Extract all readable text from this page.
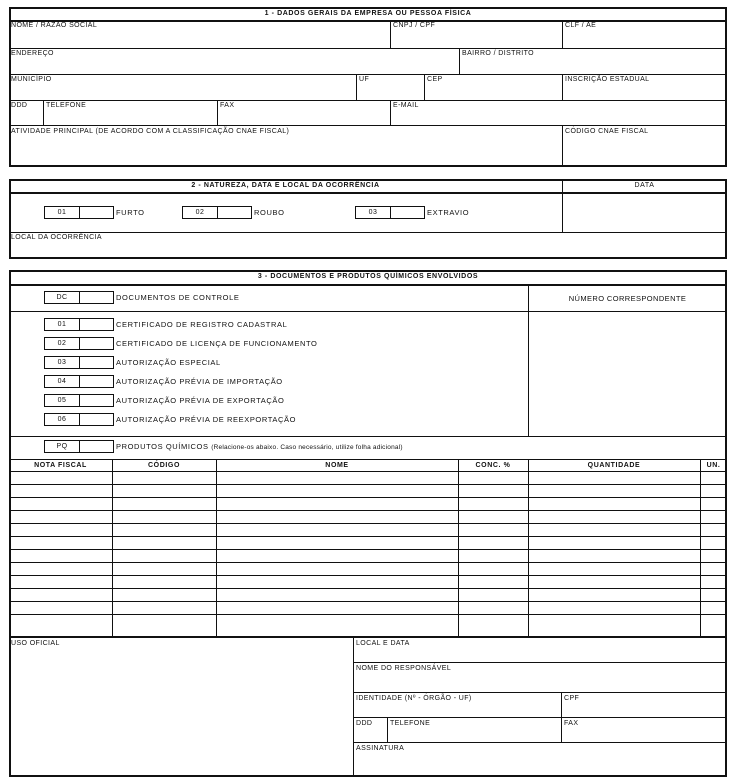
1 - DADOS GERAIS DA EMPRESA OU PESSOA FÍSICA
NOME / RAZÃO SOCIAL	CNPJ / CPF	CLF / AE
ENDEREÇO	BAIRRO / DISTRITO
MUNICÍPIO	UF	CEP	INSCRIÇÃO ESTADUAL
DDD	TELEFONE	FAX	E-MAIL
ATIVIDADE PRINCIPAL (DE ACORDO COM A CLASSIFICAÇÃO CNAE FISCAL)	CÓDIGO CNAE FISCAL
2 - NATUREZA, DATA E LOCAL DA OCORRÊNCIA	DATA
01	FURTO	02	ROUBO	03	EXTRAVIO
LOCAL DA OCORRÊNCIA
3 - DOCUMENTOS E PRODUTOS QUÍMICOS ENVOLVIDOS
DC	DOCUMENTOS DE CONTROLE	NÚMERO CORRESPONDENTE
01	CERTIFICADO DE REGISTRO CADASTRAL
02	CERTIFICADO DE LICENÇA DE FUNCIONAMENTO
03	AUTORIZAÇÃO ESPECIAL
04	AUTORIZAÇÃO PRÉVIA DE IMPORTAÇÃO
05	AUTORIZAÇÃO PRÉVIA DE EXPORTAÇÃO
06	AUTORIZAÇÃO PRÉVIA DE REEXPORTAÇÃO
PQ	PRODUTOS QUÍMICOS (Relacione-os abaixo. Caso necessário, utilize folha adicional)
NOTA FISCAL	CÓDIGO	NOME	CONC. %	QUANTIDADE	UN.
USO OFICIAL	LOCAL E DATA
NOME DO RESPONSÁVEL
IDENTIDADE (Nº - ÓRGÃO - UF)	CPF
DDD	TELEFONE	FAX
ASSINATURA
